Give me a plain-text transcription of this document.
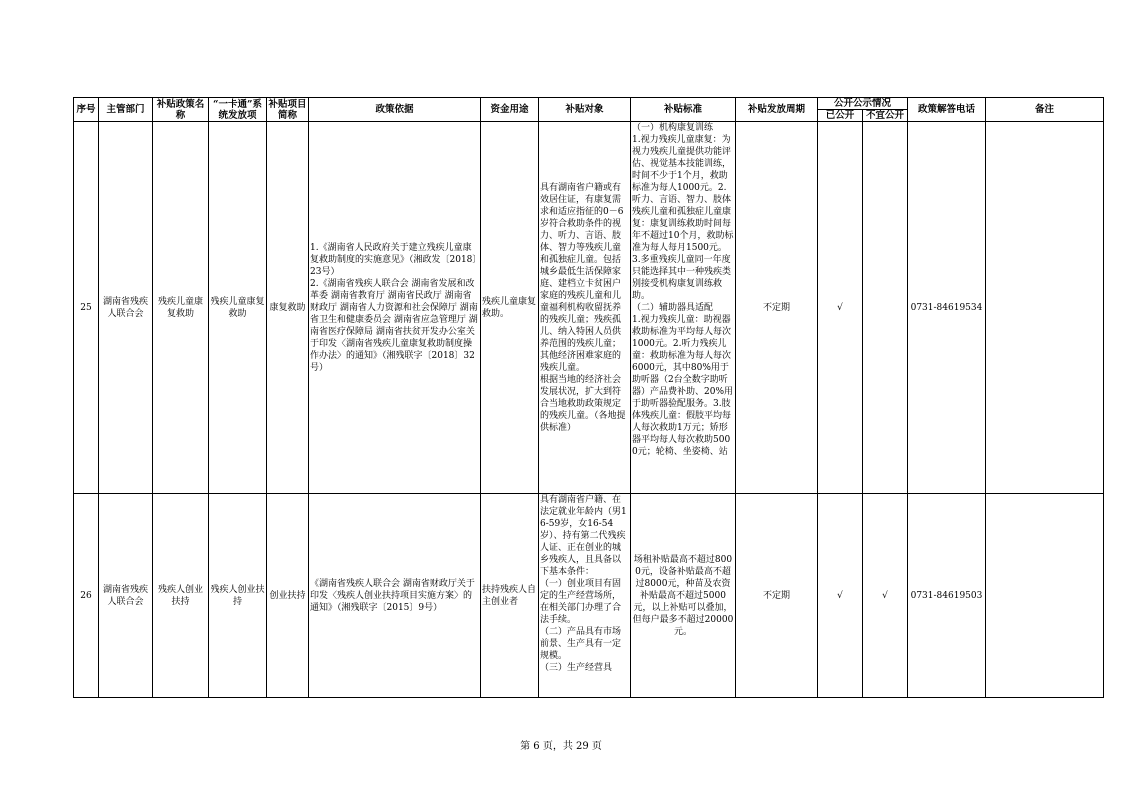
序号	主管部门	补贴政策名称	“一卡通”系统发放项	补贴项目简称	政策依据	资金用途	补贴对象	补贴标准	补贴发放周期	公开公示情况		政策解答电话	备注
										已公开	不宜公开		
25	湖南省残疾人联合会	残疾儿童康复救助	残疾儿童康复救助	康复救助	1.《湖南省人民政府关于建立残疾儿童康复救助制度的实施意见》（湘政发〔2018〕23号）
2.《湖南省残疾人联合会 湖南省发展和改革委 湖南省教育厅 湖南省民政厅 湖南省财政厅 湖南省人力资源和社会保障厅 湖南省卫生和健康委员会 湖南省应急管理厅 湖南省医疗保障局 湖南省扶贫开发办公室关于印发〈湖南省残疾儿童康复救助制度操作办法〉的通知》（湘残联字〔2018〕32号）	残疾儿童康复救助。	具有湖南省户籍或有效居住证，有康复需求和适应指征的0－6岁符合救助条件的视力、听力、言语、肢体、智力等残疾儿童和孤独症儿童。包括城乡最低生活保障家庭、建档立卡贫困户家庭的残疾儿童和儿童福利机构收留抚养的残疾儿童；残疾孤儿、纳入特困人员供养范围的残疾儿童；其他经济困难家庭的残疾儿童。
根据当地的经济社会发展状况，扩大到符合当地救助政策规定的残疾儿童。（各地提供标准）	（一）机构康复训练
1.视力残疾儿童康复：为视力残疾儿童提供功能评估、视觉基本技能训练，时间不少于1个月，救助标准为每人1000元。2.听力、言语、智力、肢体残疾儿童和孤独症儿童康复：康复训练救助时间每年不超过10个月，救助标准为每人每月1500元。3.多重残疾儿童同一年度只能选择其中一种残疾类别接受机构康复训练救助。
（二）辅助器具适配
1.视力残疾儿童：助视器救助标准为平均每人每次1000元。2.听力残疾儿童：救助标准为每人每次6000元，其中80%用于助听器（2台全数字助听器）产品费补助、20%用于助听器验配服务。3.肢体残疾儿童：假肢平均每人每次救助1万元；矫形器平均每人每次救助5000元；轮椅、坐姿椅、站	不定期	√		0731-84619534	
26	湖南省残疾人联合会	残疾人创业扶持	残疾人创业扶持	创业扶持	《湖南省残疾人联合会 湖南省财政厅关于印发〈残疾人创业扶持项目实施方案〉的通知》（湘残联字〔2015〕9号）	扶持残疾人自主创业者	具有湖南省户籍、在法定就业年龄内（男16-59岁，女16-54岁）、持有第二代残疾人证、正在创业的城乡残疾人，且具备以下基本条件：
（一）创业项目有固定的生产经营场所，在相关部门办理了合法手续。
（二）产品具有市场前景、生产具有一定规模。
（三）生产经营具	场租补贴最高不超过8000元，设备补贴最高不超过8000元，种苗及农资补贴最高不超过5000元，以上补贴可以叠加，但每户最多不超过20000元。	不定期	√	√	0731-84619503	
第 6 页，共 29 页
